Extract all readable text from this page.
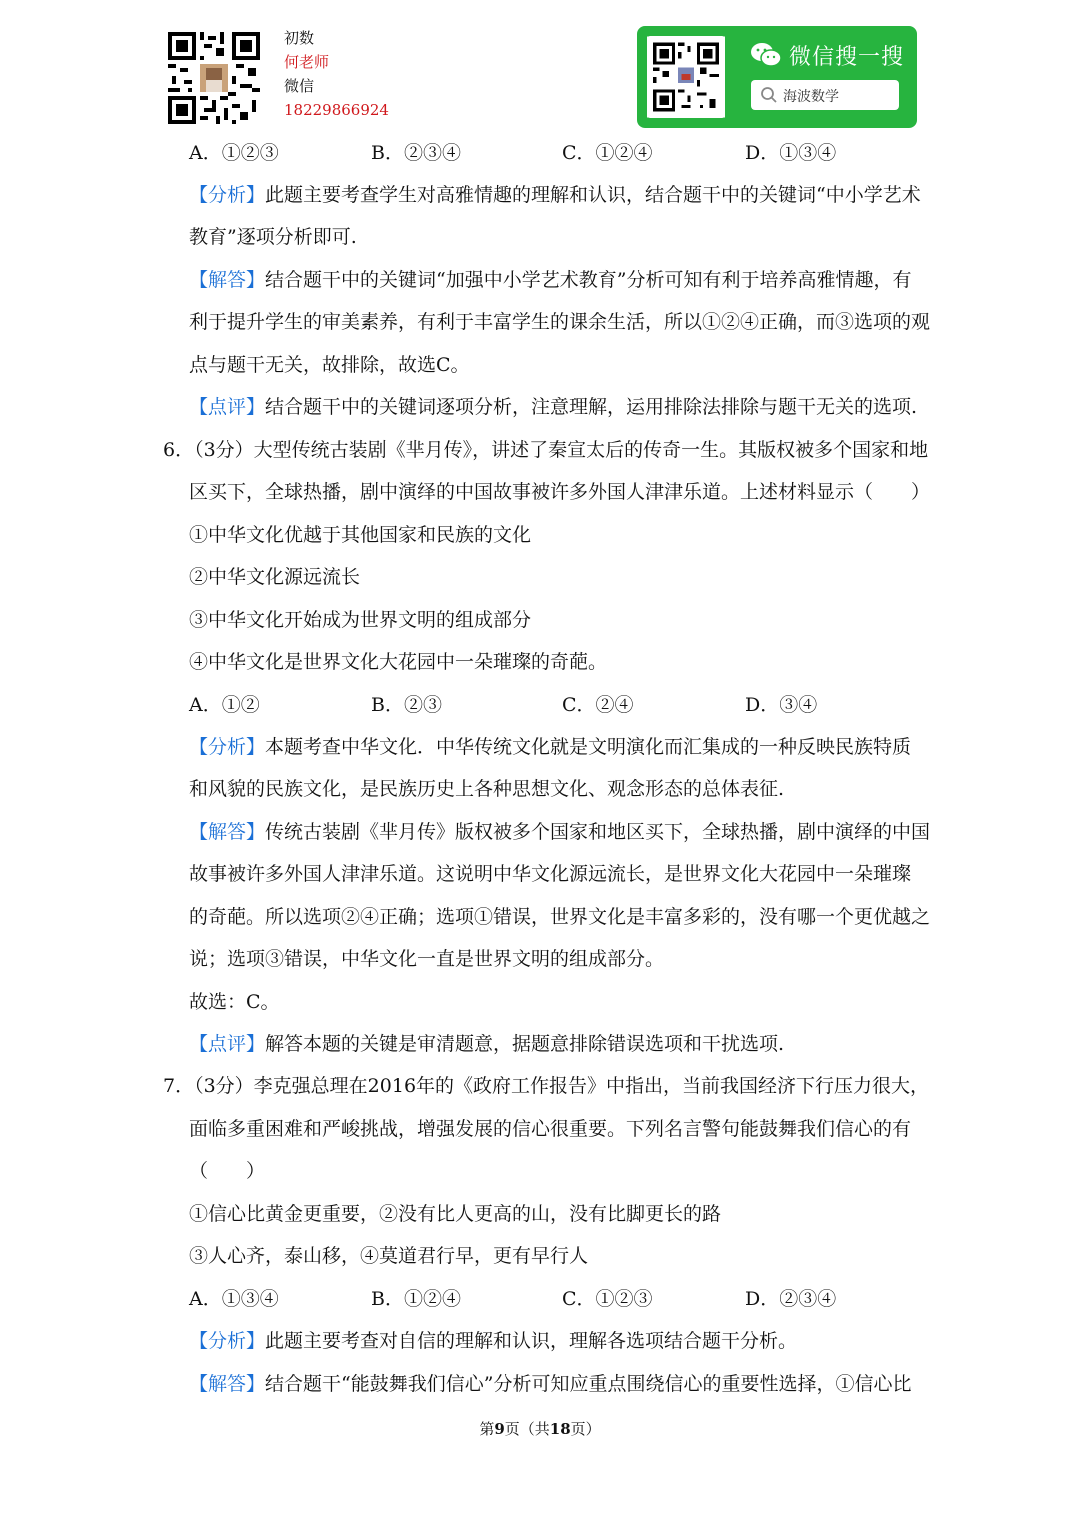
初数
何老师
微信
18229866924
微信搜一搜
海波数学
A．①②③	B．②③④	C．①②④	D．①③④
【分析】此题主要考查学生对高雅情趣的理解和认识，结合题干中的关键词“中小学艺术
教育”逐项分析即可.
【解答】结合题干中的关键词“加强中小学艺术教育”分析可知有利于培养高雅情趣，有
利于提升学生的审美素养，有利于丰富学生的课余生活，所以①②④正确，而③选项的观
点与题干无关，故排除，故选C。
【点评】结合题干中的关键词逐项分析，注意理解，运用排除法排除与题干无关的选项.
6．（3分）大型传统古装剧《芈月传》，讲述了秦宣太后的传奇一生。其版权被多个国家和地
区买下，全球热播，剧中演绎的中国故事被许多外国人津津乐道。上述材料显示（　　）
①中华文化优越于其他国家和民族的文化
②中华文化源远流长
③中华文化开始成为世界文明的组成部分
④中华文化是世界文化大花园中一朵璀璨的奇葩。
A．①②	B．②③	C．②④	D．③④
【分析】本题考查中华文化．中华传统文化就是文明演化而汇集成的一种反映民族特质
和风貌的民族文化，是民族历史上各种思想文化、观念形态的总体表征.
【解答】传统古装剧《芈月传》版权被多个国家和地区买下，全球热播，剧中演绎的中国
故事被许多外国人津津乐道。这说明中华文化源远流长，是世界文化大花园中一朵璀璨
的奇葩。所以选项②④正确；选项①错误，世界文化是丰富多彩的，没有哪一个更优越之
说；选项③错误，中华文化一直是世界文明的组成部分。
故选：C。
【点评】解答本题的关键是审清题意，据题意排除错误选项和干扰选项.
7．（3分）李克强总理在2016年的《政府工作报告》中指出，当前我国经济下行压力很大，
面临多重困难和严峻挑战，增强发展的信心很重要。下列名言警句能鼓舞我们信心的有
（　　）
①信心比黄金更重要，②没有比人更高的山，没有比脚更长的路
③人心齐，泰山移，④莫道君行早，更有早行人
A．①③④	B．①②④	C．①②③	D．②③④
【分析】此题主要考查对自信的理解和认识，理解各选项结合题干分析。
【解答】结合题干“能鼓舞我们信心”分析可知应重点围绕信心的重要性选择，①信心比
第9页（共18页）
